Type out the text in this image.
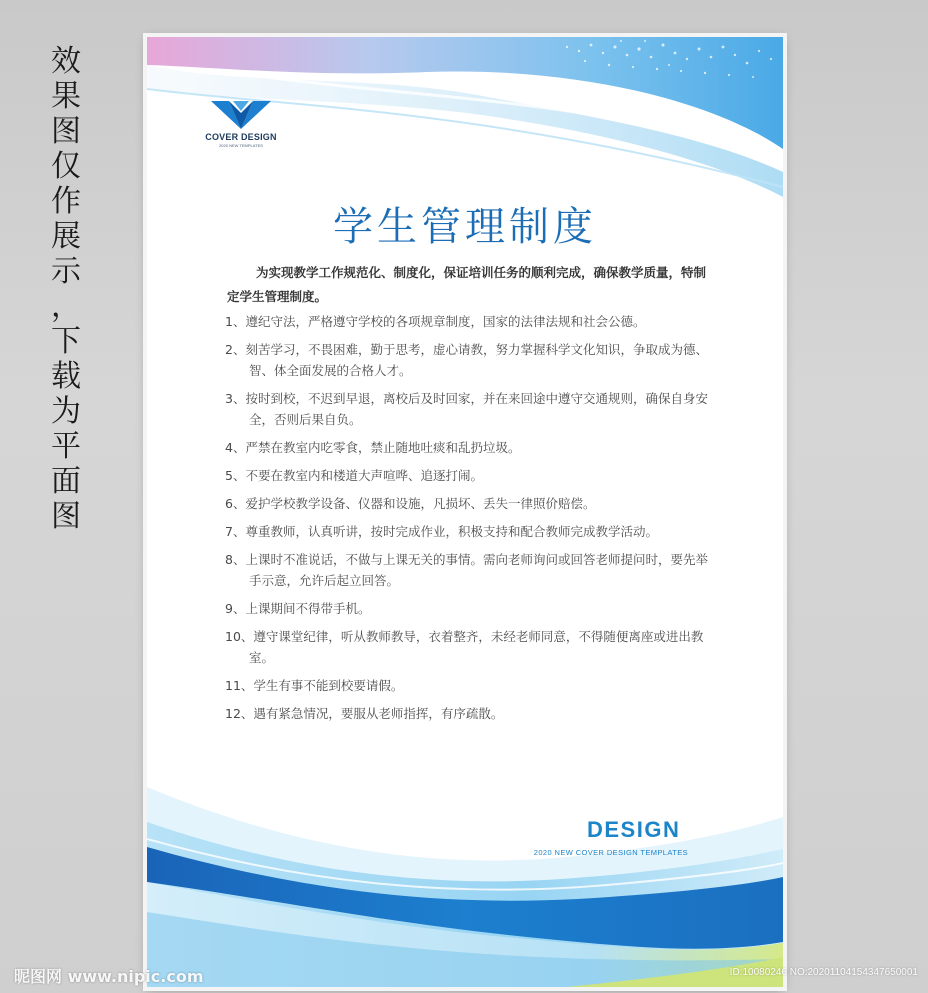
效
果
图
仅
作
展
示
，
下
载
为
平
面
图
COVER DESIGN
2020 NEW TEMPLATES
学生管理制度
为实现教学工作规范化、制度化，保证培训任务的顺利完成，确保教学质量，特制定学生管理制度。
1、遵纪守法，严格遵守学校的各项规章制度，国家的法律法规和社会公德。
2、刻苦学习，不畏困难，勤于思考，虚心请教，努力掌握科学文化知识，争取成为德、智、体全面发展的合格人才。
3、按时到校，不迟到早退，离校后及时回家，并在来回途中遵守交通规则，确保自身安全，否则后果自负。
4、严禁在教室内吃零食，禁止随地吐痰和乱扔垃圾。
5、不要在教室内和楼道大声喧哗、追逐打闹。
6、爱护学校教学设备、仪器和设施，凡损坏、丢失一律照价赔偿。
7、尊重教师，认真听讲，按时完成作业，积极支持和配合教师完成教学活动。
8、上课时不准说话，不做与上课无关的事情。需向老师询问或回答老师提问时，要先举手示意，允许后起立回答。
9、上课期间不得带手机。
10、遵守课堂纪律，听从教师教导，衣着整齐，未经老师同意，不得随便离座或进出教室。
11、学生有事不能到校要请假。
12、遇有紧急情况，要服从老师指挥，有序疏散。
DESIGN
2020 NEW COVER DESIGN TEMPLATES
昵图网 www.nipic.com	ID:10080246 NO:20201104154347650001
